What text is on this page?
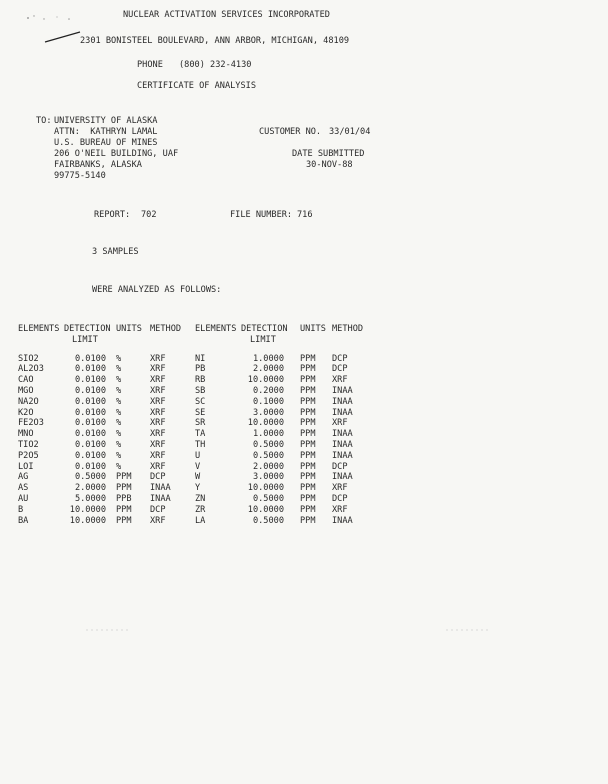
NUCLEAR ACTIVATION SERVICES INCORPORATED
2301 BONISTEEL BOULEVARD, ANN ARBOR, MICHIGAN, 48109
PHONE (800) 232-4130
CERTIFICATE OF ANALYSIS
TO: UNIVERSITY OF ALASKA
ATTN:  KATHRYN LAMAL
U.S. BUREAU OF MINES
206 O'NEIL BUILDING, UAF
FAIRBANKS, ALASKA
99775-5140
CUSTOMER NO. 33/01/04
DATE SUBMITTED
30-NOV-88
REPORT: 702	FILE NUMBER: 716
3 SAMPLES
WERE ANALYZED AS FOLLOWS:
ELEMENTS	DETECTION	UNITS	METHOD	ELEMENTS	DETECTION	UNITS	METHOD
	LIMIT				LIMIT		

SIO2	0.0100	%	XRF	NI	1.0000	PPM	DCP
AL2O3	0.0100	%	XRF	PB	2.0000	PPM	DCP
CAO	0.0100	%	XRF	RB	10.0000	PPM	XRF
MGO	0.0100	%	XRF	SB	0.2000	PPM	INAA
NA2O	0.0100	%	XRF	SC	0.1000	PPM	INAA
K2O	0.0100	%	XRF	SE	3.0000	PPM	INAA
FE2O3	0.0100	%	XRF	SR	10.0000	PPM	XRF
MNO	0.0100	%	XRF	TA	1.0000	PPM	INAA
TIO2	0.0100	%	XRF	TH	0.5000	PPM	INAA
P2O5	0.0100	%	XRF	U	0.5000	PPM	INAA
LOI	0.0100	%	XRF	V	2.0000	PPM	DCP
AG	0.5000	PPM	DCP	W	3.0000	PPM	INAA
AS	2.0000	PPM	INAA	Y	10.0000	PPM	XRF
AU	5.0000	PPB	INAA	ZN	0.5000	PPM	DCP
B	10.0000	PPM	DCP	ZR	10.0000	PPM	XRF
BA	10.0000	PPM	XRF	LA	0.5000	PPM	INAA
